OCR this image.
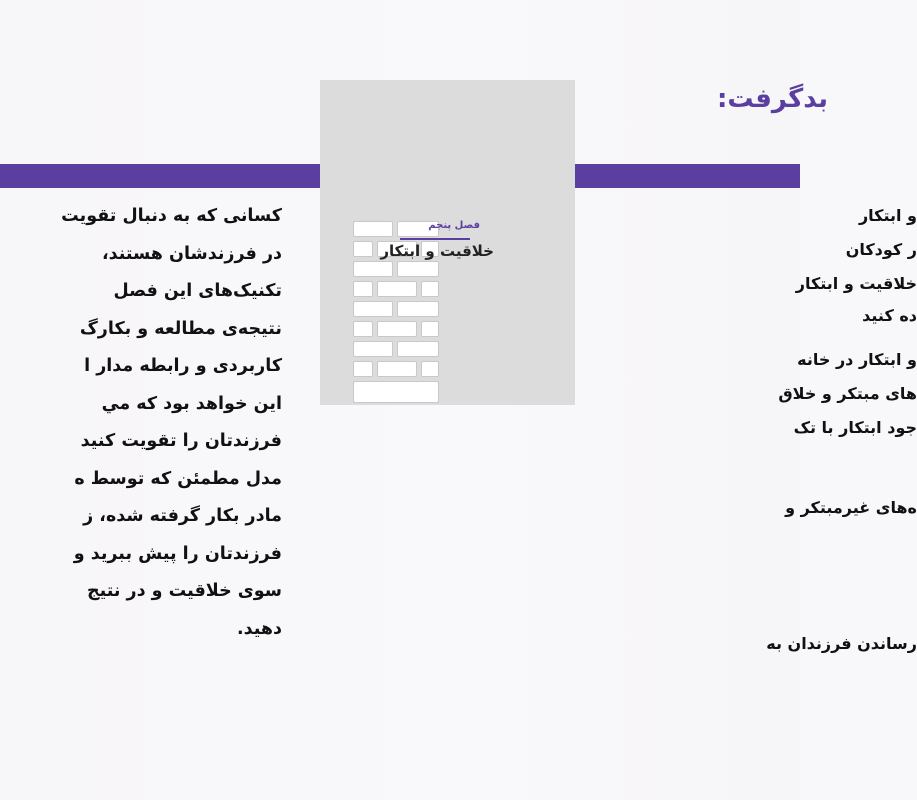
بدگرفت:

کسانی که به دنبال تقویت

در فرزندشان هستند،

تکنیک‌های این فصل

نتیجه‌ی مطالعه و بکارگ

کاربردی و رابطه مدار ا

این خواهد بود که مي

فرزندتان را تقویت کنید

مدل مطمئن که توسط ه

مادر بکار گرفته شده، ز

فرزندتان را پیش ببرید و

سوی خلاقیت و در نتیج

دهید.

و ابتکار
ر کودکان
خلاقیت و ابتکار
ده کنید
و ابتکار در خانه
های مبتکر و خلاق
جود ابتکار با تک
ه‌های غیرمبتکر و
رساندن فرزندان به
فصل پنجم
خلاقیت و ابتکار
